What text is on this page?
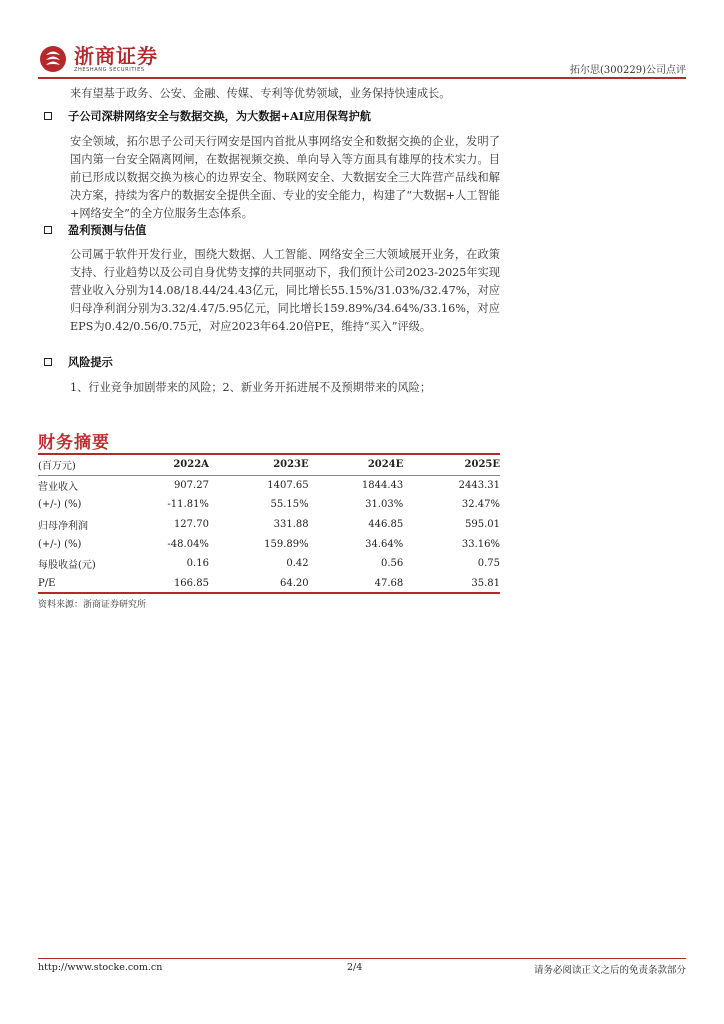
浙商证券
ZHESHANG SECURITIES	拓尔思(300229)公司点评
来有望基于政务、公安、金融、传媒、专利等优势领域，业务保持快速成长。
子公司深耕网络安全与数据交换，为大数据+AI应用保驾护航
安全领域，拓尔思子公司天行网安是国内首批从事网络安全和数据交换的企业，发明了国内第一台安全隔离网闸，在数据视频交换、单向导入等方面具有雄厚的技术实力。目前已形成以数据交换为核心的边界安全、物联网安全、大数据安全三大阵营产品线和解决方案，持续为客户的数据安全提供全面、专业的安全能力，构建了“大数据+人工智能+网络安全”的全方位服务生态体系。
盈利预测与估值
公司属于软件开发行业，围绕大数据、人工智能、网络安全三大领域展开业务，在政策支持、行业趋势以及公司自身优势支撑的共同驱动下，我们预计公司2023-2025年实现营业收入分别为14.08/18.44/24.43亿元，同比增长55.15%/31.03%/32.47%，对应归母净利润分别为3.32/4.47/5.95亿元，同比增长159.89%/34.64%/33.16%，对应EPS为0.42/0.56/0.75元，对应2023年64.20倍PE，维持“买入”评级。
风险提示
1、行业竞争加剧带来的风险；2、新业务开拓进展不及预期带来的风险；
财务摘要
(百万元)	2022A	2023E	2024E	2025E
营业收入	907.27	1407.65	1844.43	2443.31
(+/-) (%)	-11.81%	55.15%	31.03%	32.47%
归母净利润	127.70	331.88	446.85	595.01
(+/-) (%)	-48.04%	159.89%	34.64%	33.16%
每股收益(元)	0.16	0.42	0.56	0.75
P/E	166.85	64.20	47.68	35.81
资料来源：浙商证券研究所
http://www.stocke.com.cn	2/4	请务必阅读正文之后的免责条款部分
